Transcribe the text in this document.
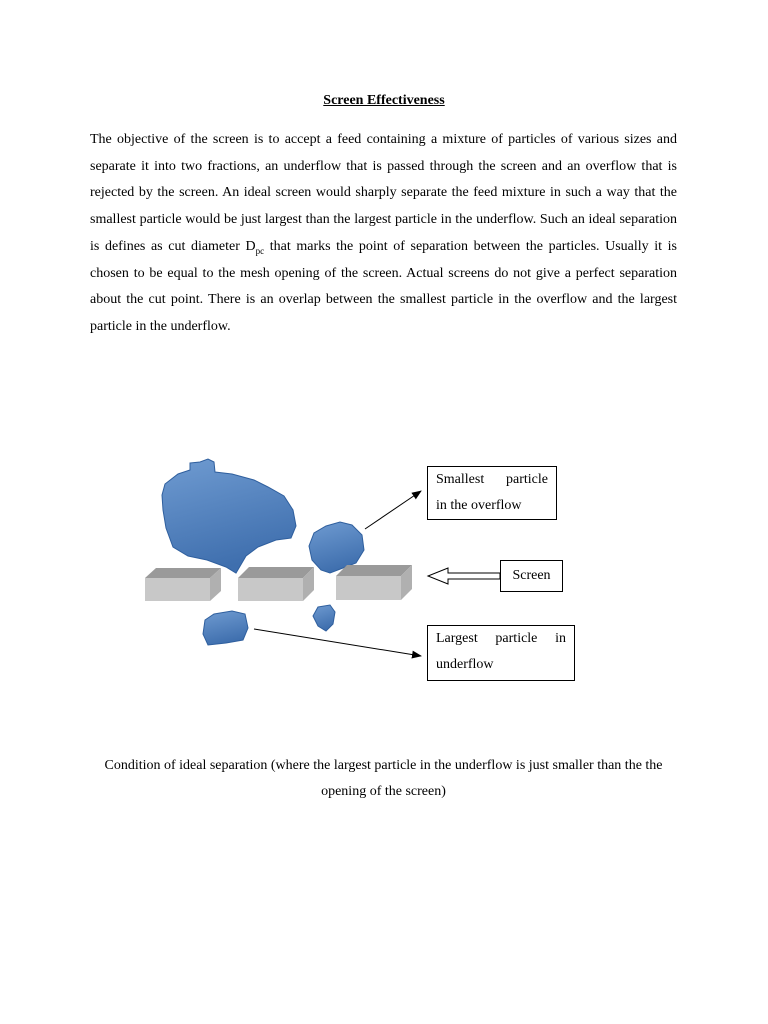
Screen Effectiveness
The objective of the screen is to accept a feed containing a mixture of particles of various sizes and separate it into two fractions, an underflow that is passed through the screen and an overflow that is rejected by the screen. An ideal screen would sharply separate the feed mixture in such a way that the smallest particle would be just largest than the largest particle in the underflow. Such an ideal separation is defines as cut diameter $D_{pc}$ that marks the point of separation between the particles. Usually it is chosen to be equal to the mesh opening of the screen. Actual screens do not give a perfect separation about the cut point. There is an overlap between the smallest particle in the overflow and the largest particle in the underflow.
Smallest particle
in the overflow
Screen
Largest particle in
underflow
Condition of ideal separation (where the largest particle in the underflow is just smaller than the the opening of the screen)
